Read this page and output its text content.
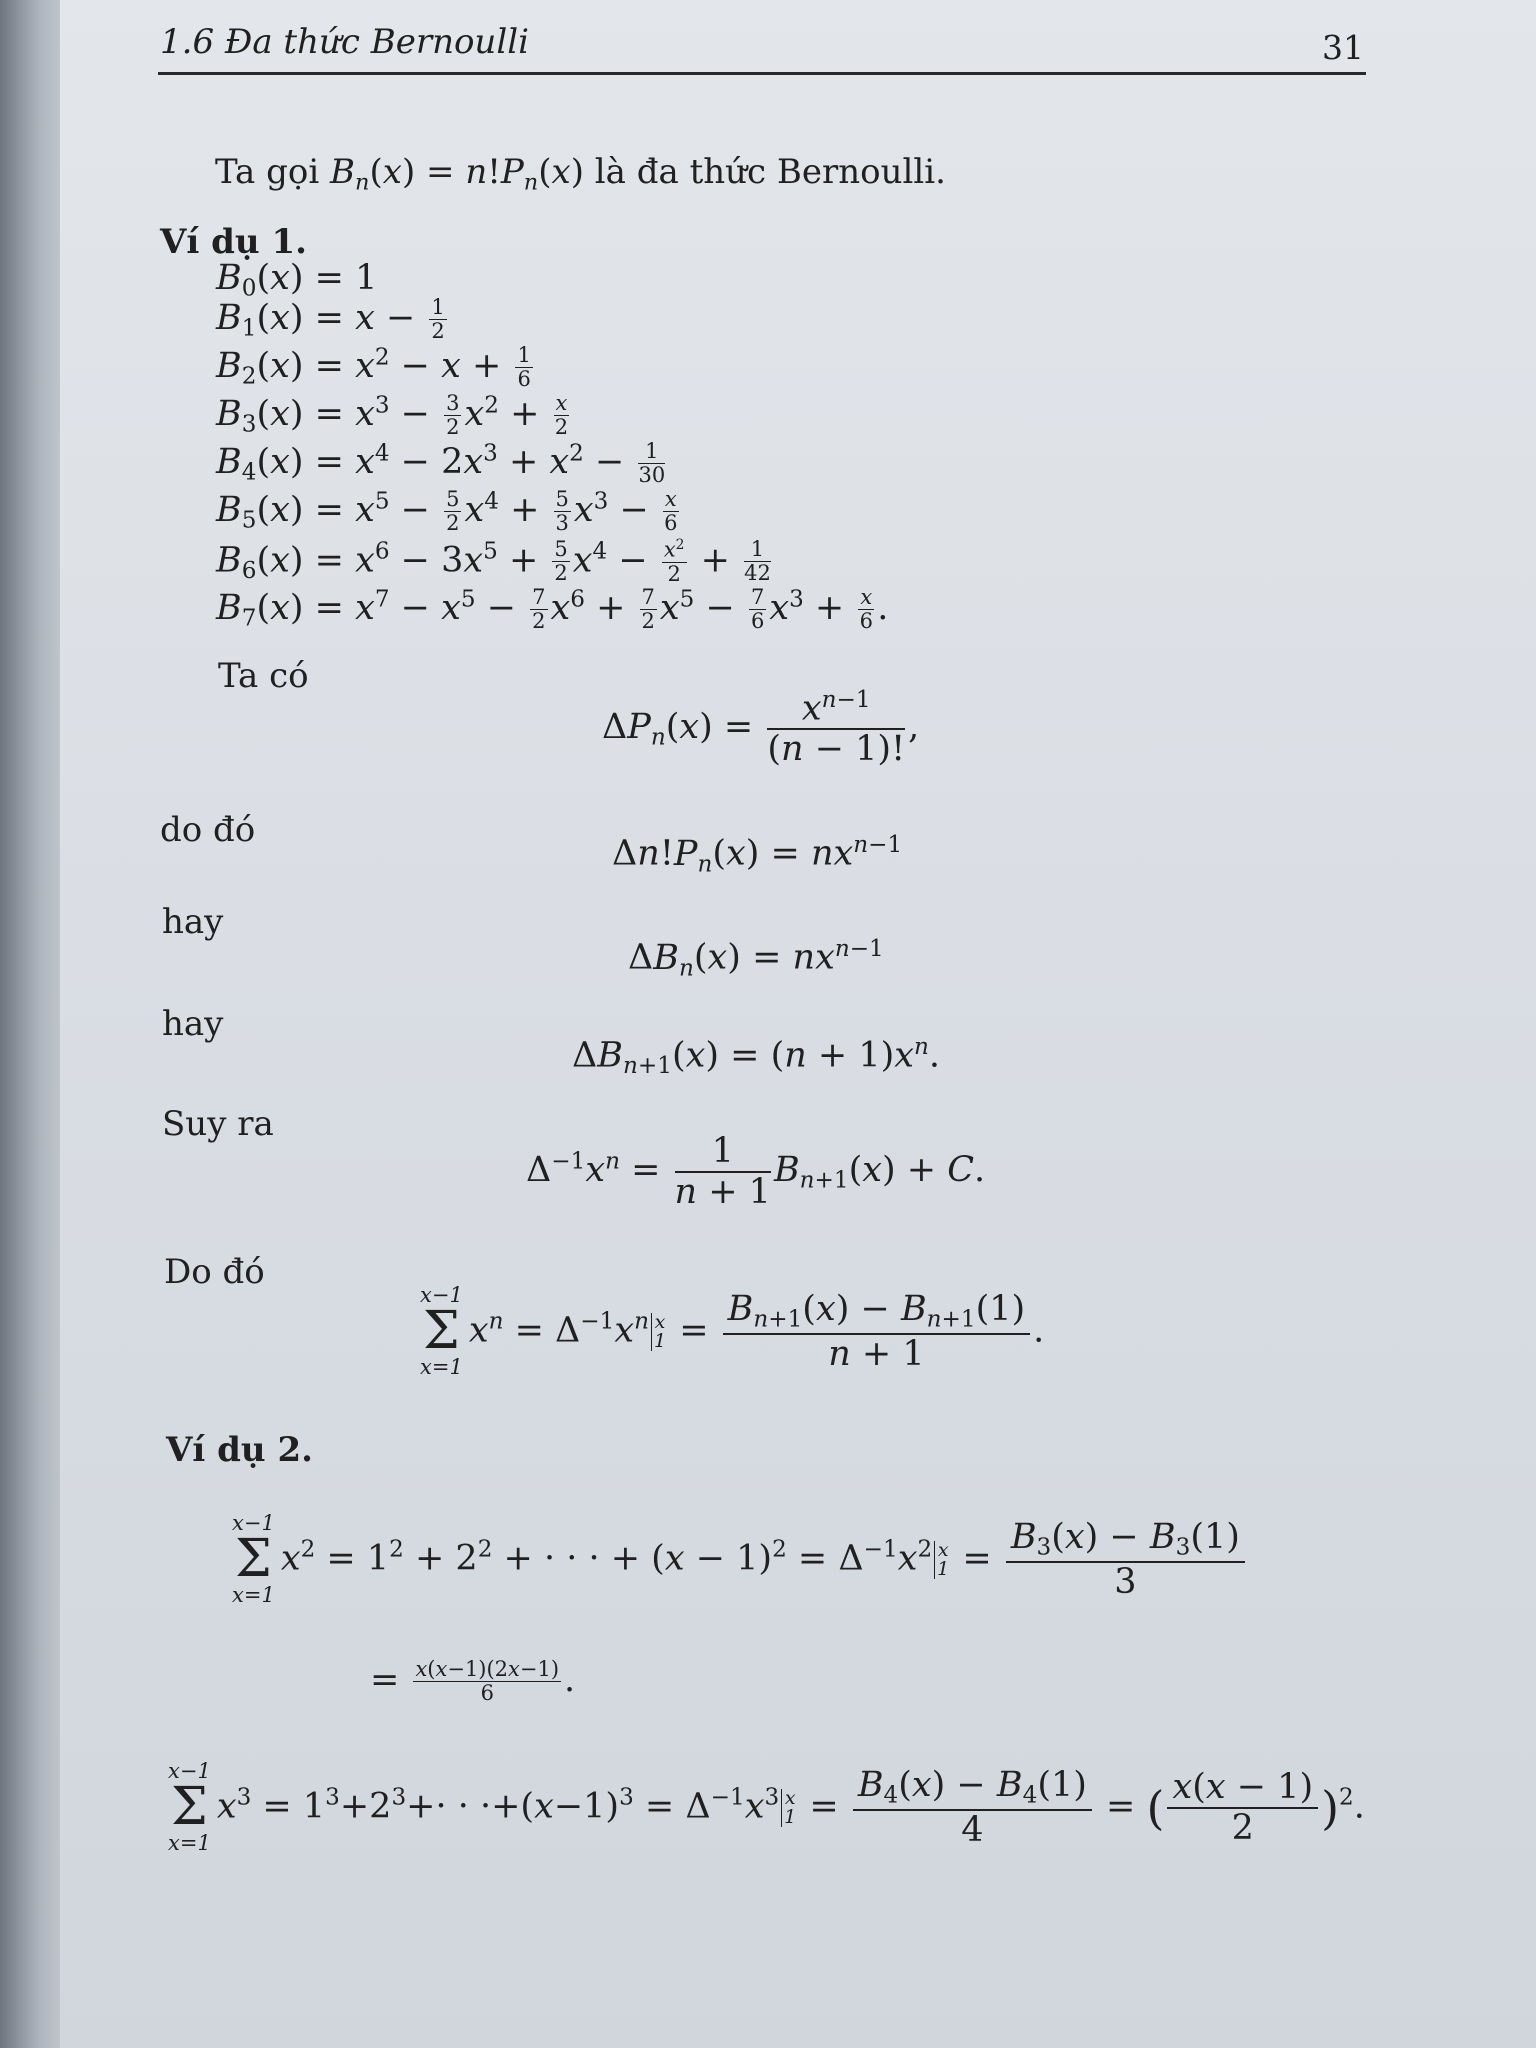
1.6 Đa thức Bernoulli	31
Ta gọi $B_n(x) = n!P_n(x)$ là đa thức Bernoulli.
Ví dụ 1.
$B_0(x) = 1$
$B_1(x) = x - \frac{1}{2}$
$B_2(x) = x^2 - x + \frac{1}{6}$
$B_3(x) = x^3 - \frac{3}{2} x^2 + \frac{x}{2}$
$B_4(x) = x^4 - 2x^3 + x^2 - \frac{1}{30}$
$B_5(x) = x^5 - \frac{5}{2} x^4 + \frac{5}{3} x^3 - \frac{x}{6}$
$B_6(x) = x^6 - 3x^5 + \frac{5}{2} x^4 - \frac{x^2}{2} + \frac{1}{42}$
$B_7(x) = x^7 - x^5 - \frac{7}{2} x^6 + \frac{7}{2} x^5 - \frac{7}{6} x^3 + \frac{x}{6}$ .
Ta có
$\Delta P_n(x) = \frac{x^{n-1}}{(n - 1)!}$ ,
do đó
$\Delta n!P_n(x) = nx^{n-1}$
hay
$\Delta B_n(x) = nx^{n-1}$
hay
$\Delta B_{n+1}(x) = (n + 1)x^n$.
Suy ra
$\Delta^{-1}x^n = \frac{1}{n + 1} B_{n+1}(x) + C$.
Do đó
x−1
Σ
x=1
$x^n = \Delta^{-1}x^n$ x
$1 = \frac{B_{n+1}(x) - B_{n+1}(1)}{n + 1}$ .
Ví dụ 2.
x−1
Σ
x=1
$x^2 = 1^2 + 2^2$ + · · · + $(x - 1)^2 = \Delta^{-1}x^2$ x
$1 = \frac{B_3(x) - B_3(1)}{3}$
= $\frac{x(x-1)(2x-1)}{6}$ .
x−1
Σ
x=1
$x^3 = 1^3+2^3+\cdot \cdot \cdot+(x-1)^3 = \Delta^{-1}x^3$ x
$1 = \frac{B_4(x) - B_4(1)}{4}$ = ( $\frac{x(x - 1)}{2} )^2$.
